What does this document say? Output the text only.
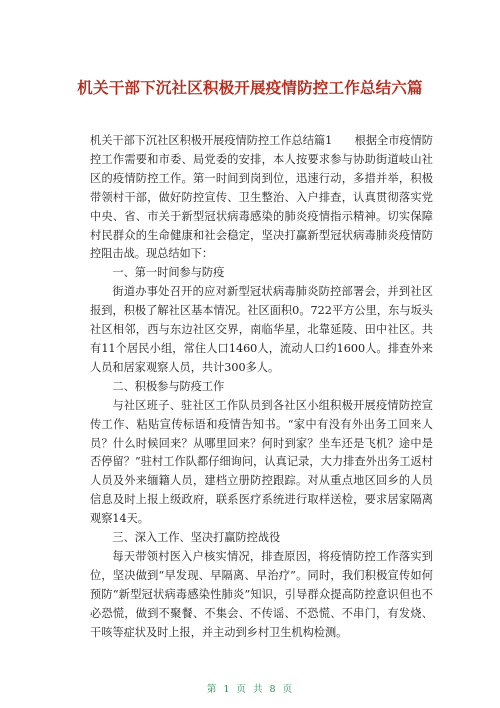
机关干部下沉社区积极开展疫情防控工作总结六篇

机关干部下沉社区积极开展疫情防控工作总结篇1　　根据全市疫情防控工作需要和市委、局党委的安排，本人按要求参与协助街道岐山社区的疫情防控工作。第一时间到岗到位，迅速行动，多措并举，积极带领村干部，做好防控宣传、卫生整治、入户排查，认真贯彻落实党中央、省、市关于新型冠状病毒感染的肺炎疫情指示精神。切实保障村民群众的生命健康和社会稳定，坚决打赢新型冠状病毒肺炎疫情防控阻击战。现总结如下：

一、第一时间参与防疫

街道办事处召开的应对新型冠状病毒肺炎防控部署会，并到社区报到，积极了解社区基本情况。社区面积0。722平方公里，东与坂头社区相邻，西与东边社区交界，南临华星，北靠延陵、田中社区。共有11个居民小组，常住人口1460人，流动人口约1600人。排查外来人员和居家观察人员，共计300多人。

二、积极参与防疫工作

与社区班子、驻社区工作队员到各社区小组积极开展疫情防控宣传工作、粘贴宣传标语和疫情告知书。“家中有没有外出务工回来人员？什么时候回来？从哪里回来？何时到家？坐车还是飞机？途中是否停留？”驻村工作队都仔细询问，认真记录，大力排查外出务工返村人员及外来缅籍人员，建档立册防控跟踪。对从重点地区回乡的人员信息及时上报上级政府，联系医疗系统进行取样送检，要求居家隔离观察14天。

三、深入工作、坚决打赢防控战役

每天带领村医入户核实情况，排查原因，将疫情防控工作落实到位，坚决做到“早发现、早隔离、早治疗”。同时，我们积极宣传如何预防“新型冠状病毒感染性肺炎”知识，引导群众提高防控意识但也不必恐慌，做到不聚餐、不集会、不传谣、不恐慌、不串门，有发烧、干咳等症状及时上报，并主动到乡村卫生机构检测。

第 1 页 共 8 页
